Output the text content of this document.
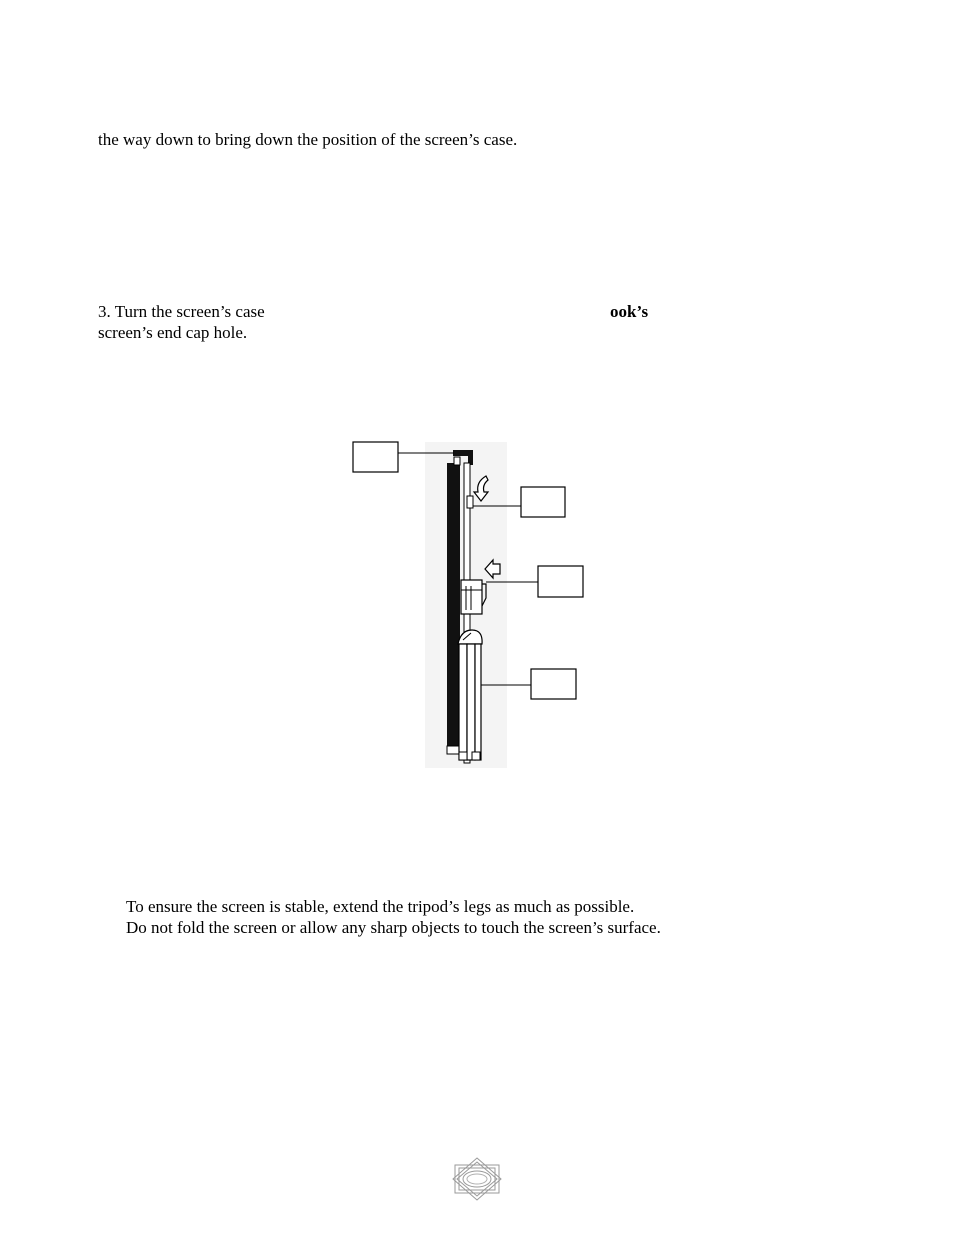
the way down to bring down the position of the screen’s case.
3. Turn the screen’s case	ook’s
screen’s end cap hole.
To ensure the screen is stable, extend the tripod’s legs as much as possible.
Do not fold the screen or allow any sharp objects to touch the screen’s surface.
